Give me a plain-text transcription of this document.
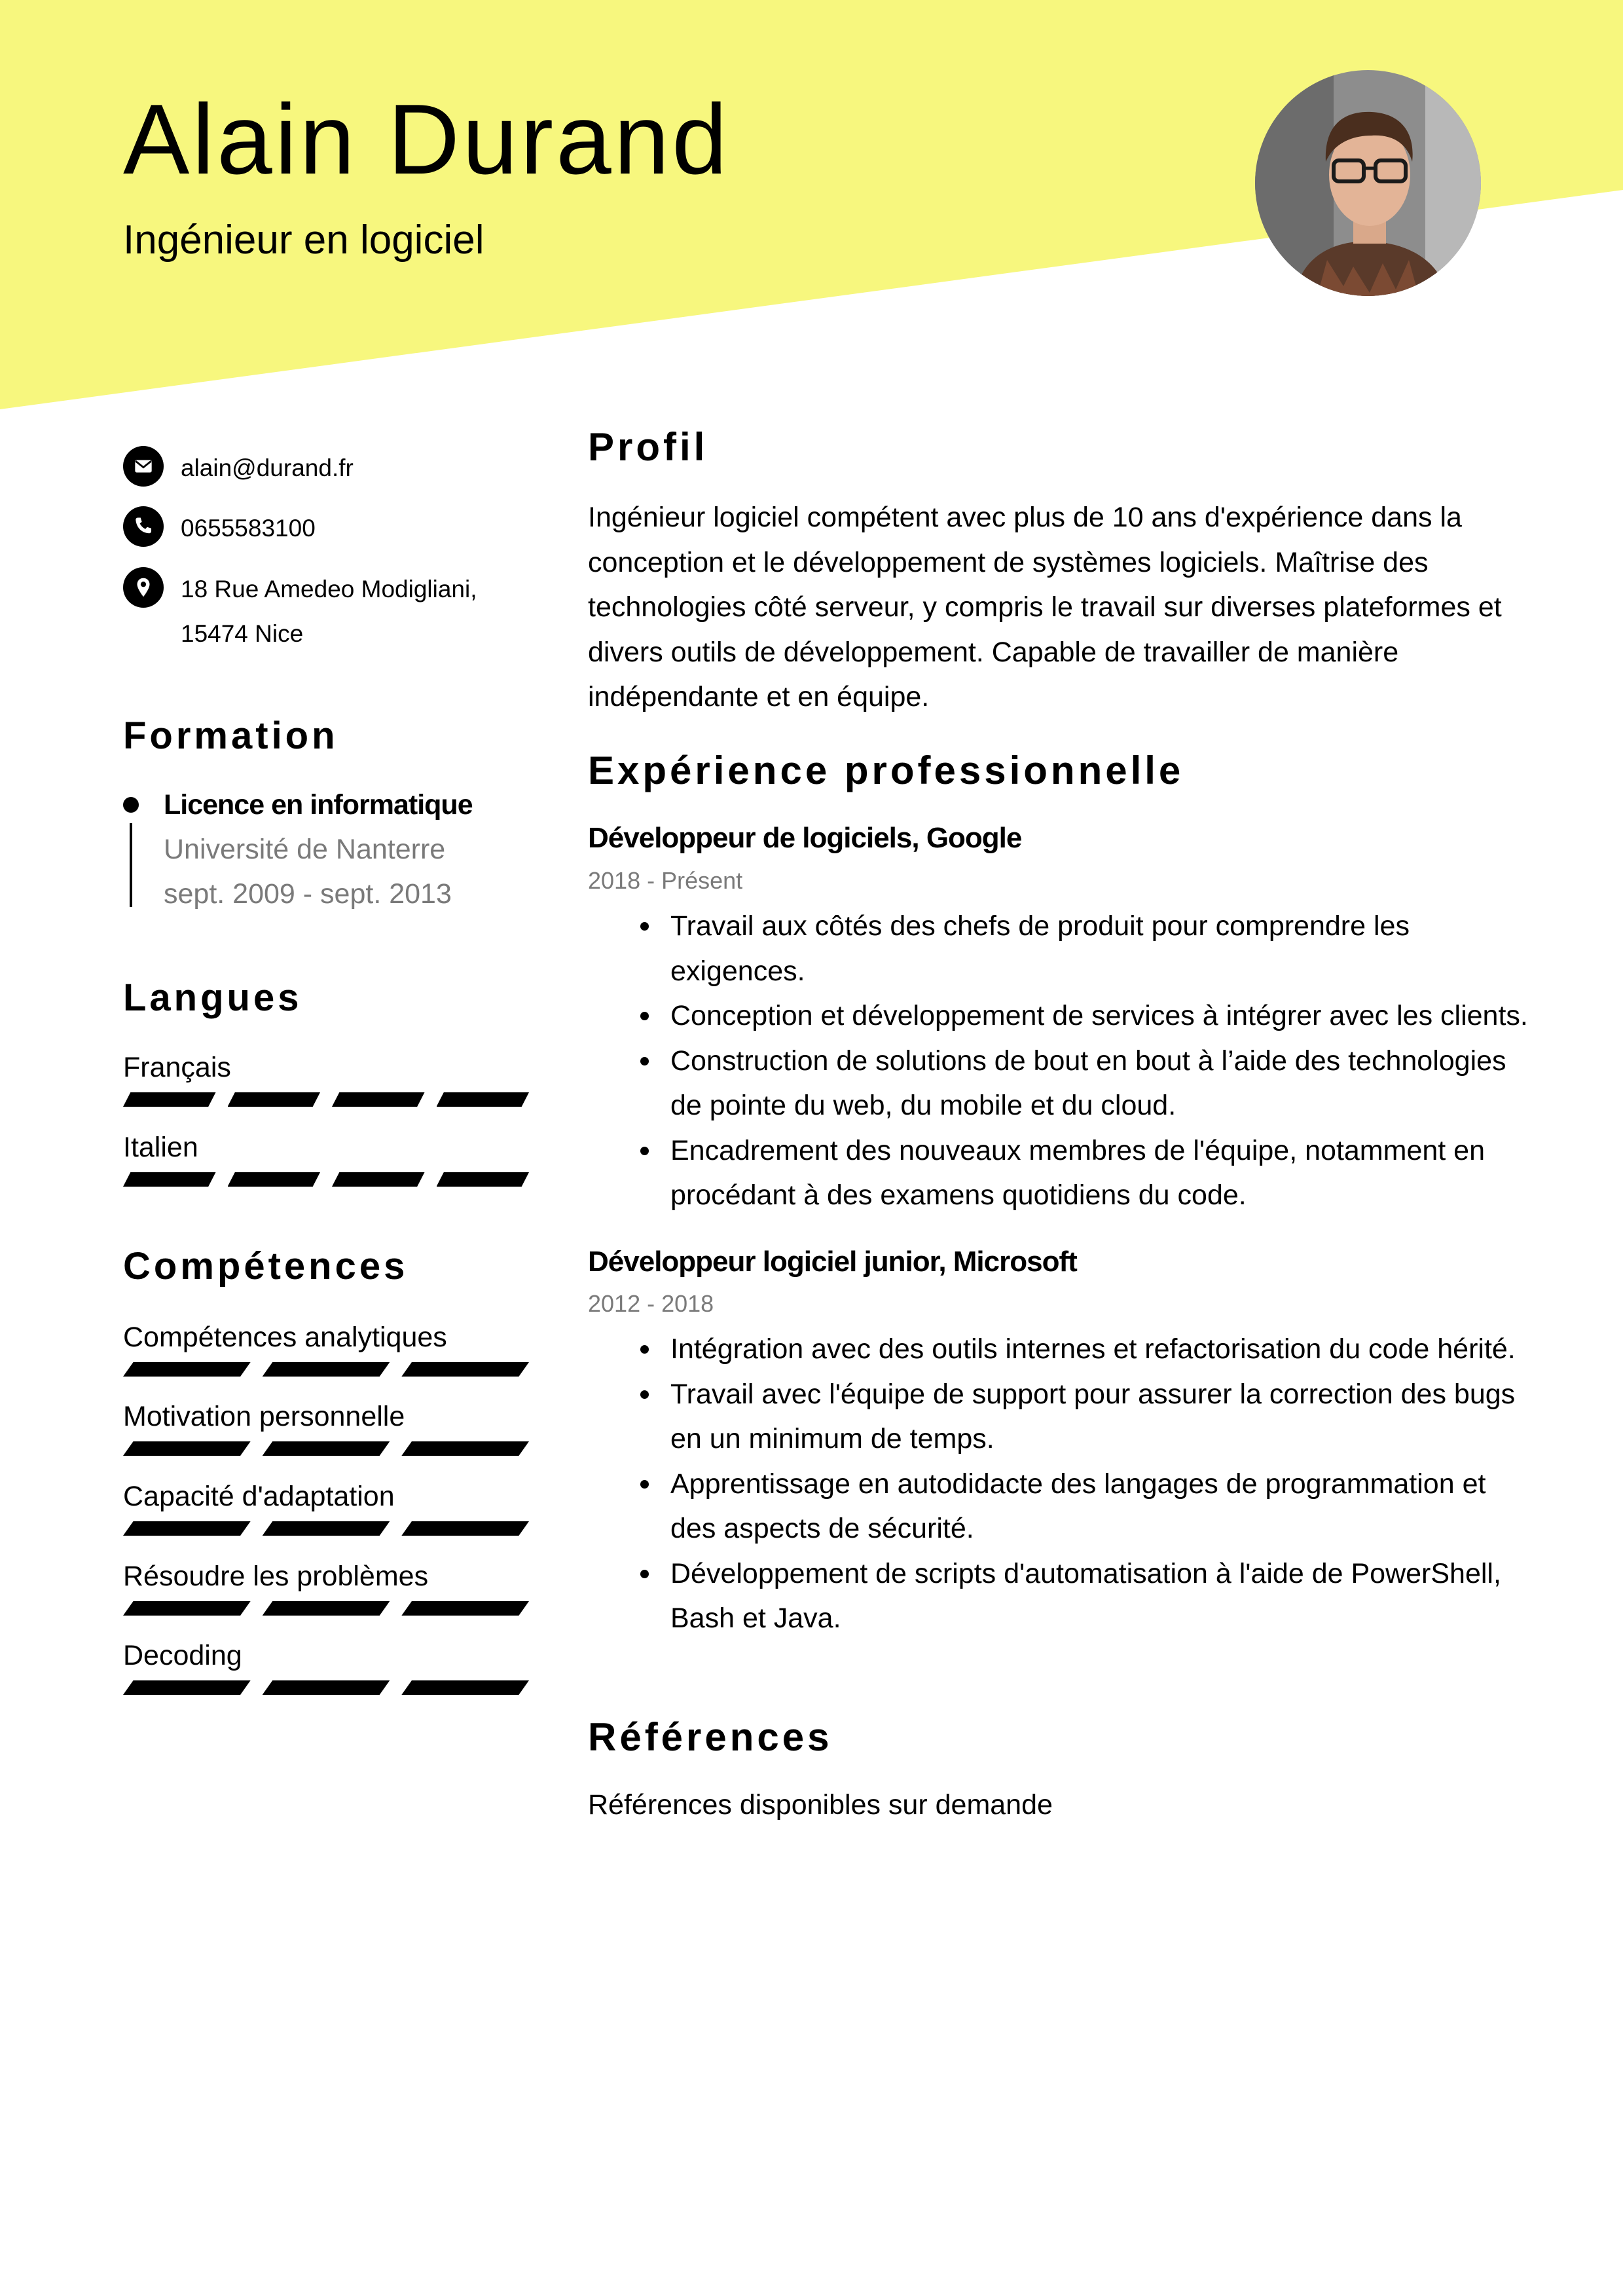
Alain Durand

Ingénieur en logiciel

alain@durand.fr
0655583100
18 Rue Amedeo Modigliani,
15474 Nice
Formation
Licence en informatique
Université de Nanterre
sept. 2009 - sept. 2013
Langues
Français
Italien
Compétences
Compétences analytiques
Motivation personnelle
Capacité d'adaptation
Résoudre les problèmes
Decoding
Profil

Ingénieur logiciel compétent avec plus de 10 ans d'expérience dans la conception et le développement de systèmes logiciels. Maîtrise des technologies côté serveur, y compris le travail sur diverses plateformes et divers outils de développement. Capable de travailler de manière indépendante et en équipe.

Expérience professionnelle
Développeur de logiciels, Google
2018 - Présent
Travail aux côtés des chefs de produit pour comprendre les exigences.
Conception et développement de services à intégrer avec les clients.
Construction de solutions de bout en bout à l’aide des technologies de pointe du web, du mobile et du cloud.
Encadrement des nouveaux membres de l'équipe, notamment en procédant à des examens quotidiens du code.
Développeur logiciel junior, Microsoft
2012 - 2018
Intégration avec des outils internes et refactorisation du code hérité.
Travail avec l'équipe de support pour assurer la correction des bugs en un minimum de temps.
Apprentissage en autodidacte des langages de programmation et des aspects de sécurité.
Développement de scripts d'automatisation à l'aide de PowerShell, Bash et Java.
Références

Références disponibles sur demande
